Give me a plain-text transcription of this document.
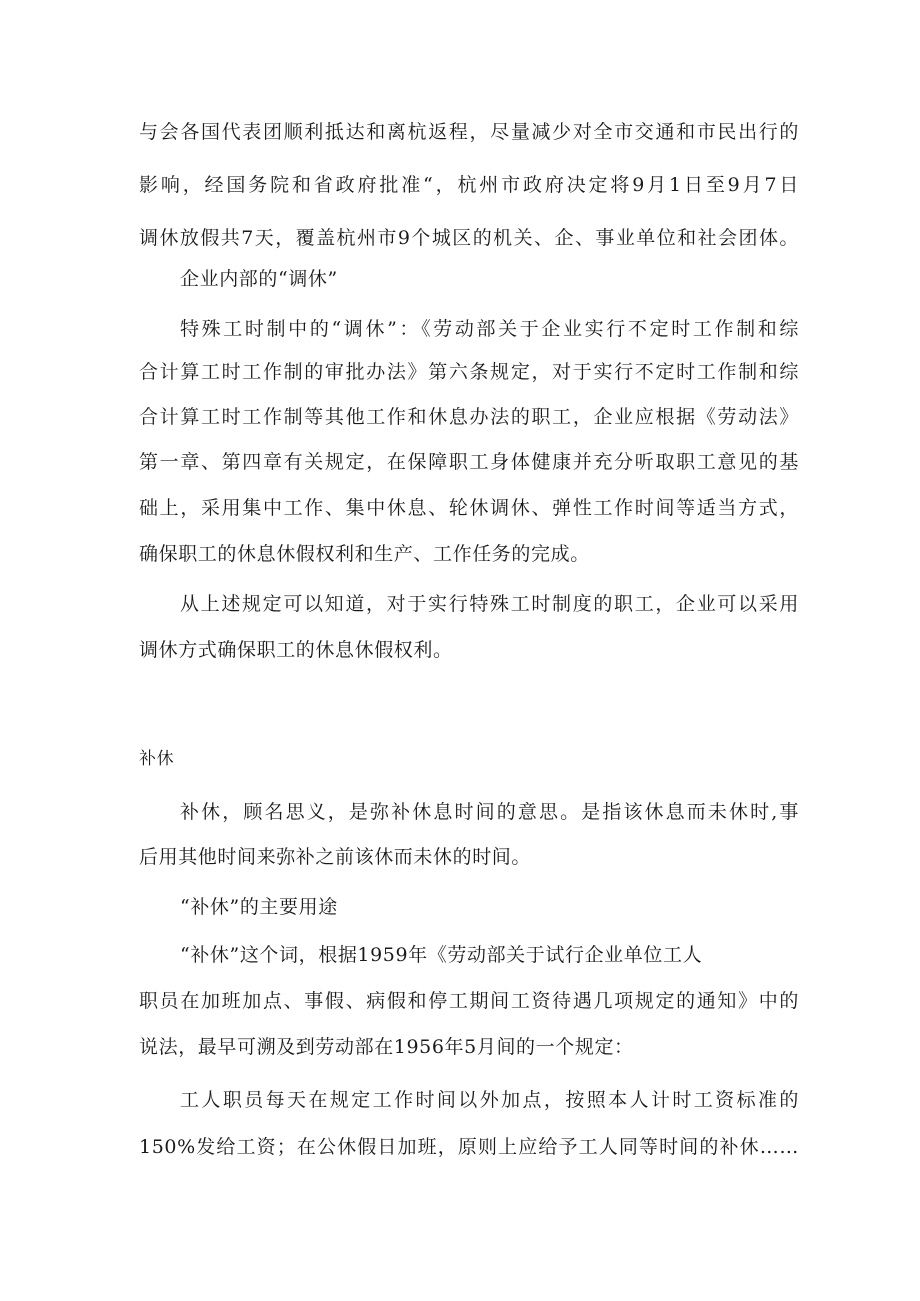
与会各国代表团顺利抵达和离杭返程，尽量减少对全市交通和市民出行的
影响，经国务院和省政府批准“，杭州市政府决定将9月1日至9月7日
调休放假共7天，覆盖杭州市9个城区的机关、企、事业单位和社会团体。
企业内部的“调休”
特殊工时制中的“调休”：《劳动部关于企业实行不定时工作制和综
合计算工时工作制的审批办法》第六条规定，对于实行不定时工作制和综
合计算工时工作制等其他工作和休息办法的职工，企业应根据《劳动法》
第一章、第四章有关规定，在保障职工身体健康并充分听取职工意见的基
础上，采用集中工作、集中休息、轮休调休、弹性工作时间等适当方式，
确保职工的休息休假权利和生产、工作任务的完成。
从上述规定可以知道，对于实行特殊工时制度的职工，企业可以采用
调休方式确保职工的休息休假权利。
补休
补休，顾名思义，是弥补休息时间的意思。是指该休息而未休时,事
后用其他时间来弥补之前该休而未休的时间。
“补休”的主要用途
“补休”这个词，根据1959年《劳动部关于试行企业单位工人
职员在加班加点、事假、病假和停工期间工资待遇几项规定的通知》中的
说法，最早可溯及到劳动部在1956年5月间的一个规定：
工人职员每天在规定工作时间以外加点，按照本人计时工资标准的
150%发给工资；在公休假日加班，原则上应给予工人同等时间的补休……
